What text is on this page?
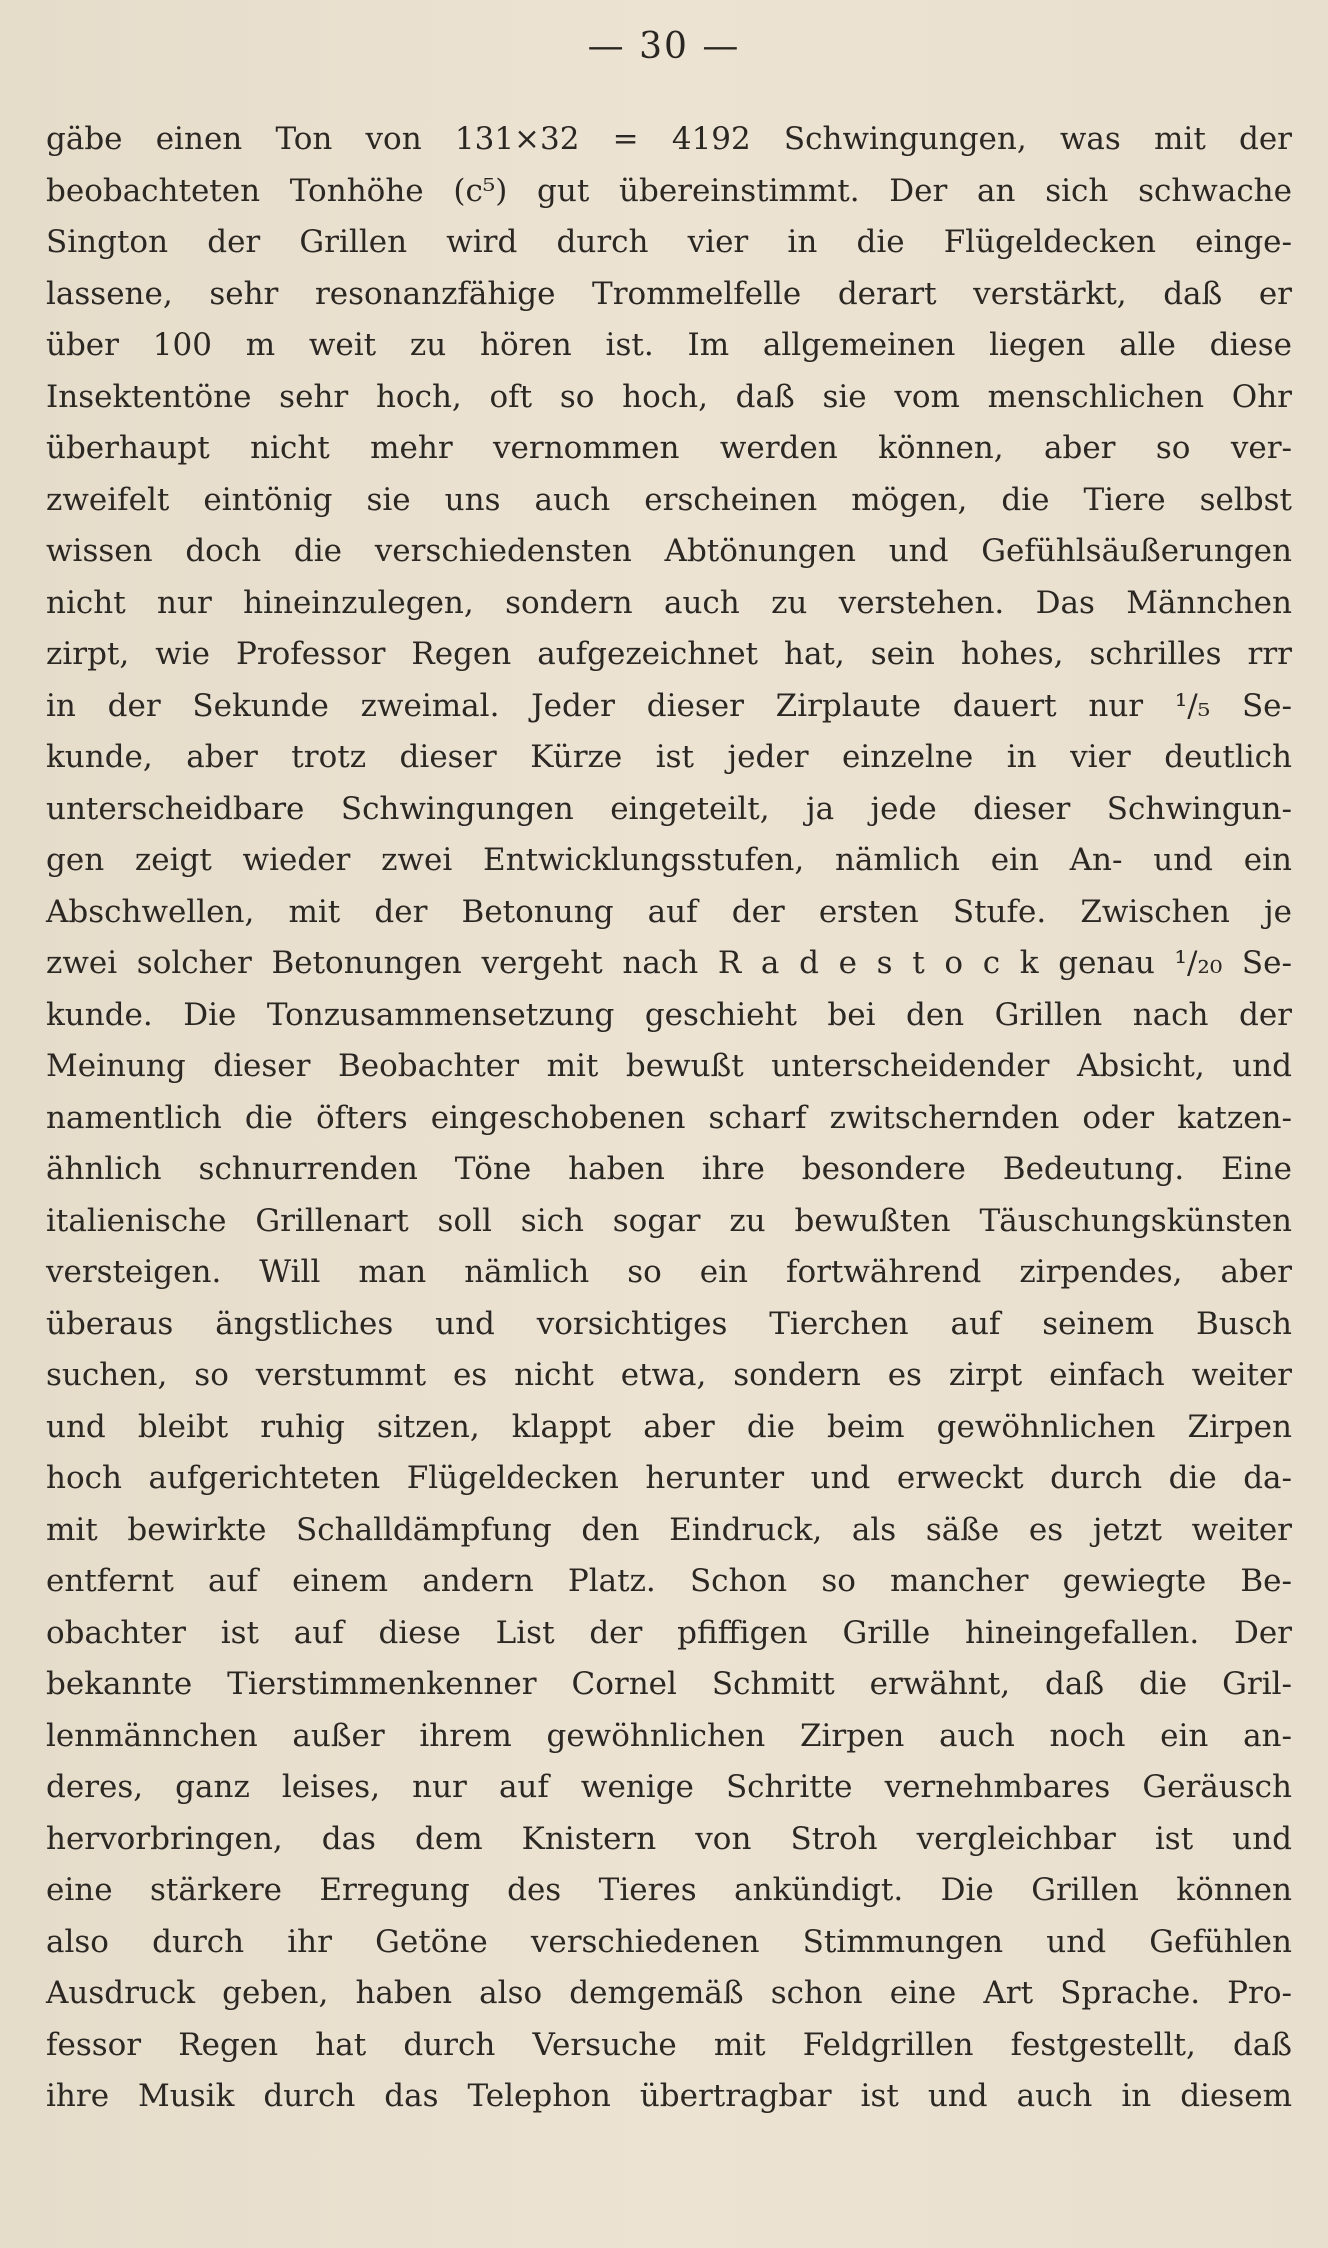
— 30 —
gäbe einen Ton von 131×32 = 4192 Schwingungen, was mit der
beobachteten Tonhöhe (c⁵) gut übereinstimmt. Der an sich schwache
Sington der Grillen wird durch vier in die Flügeldecken einge-
lassene, sehr resonanzfähige Trommelfelle derart verstärkt, daß er
über 100 m weit zu hören ist. Im allgemeinen liegen alle diese
Insektentöne sehr hoch, oft so hoch, daß sie vom menschlichen Ohr
überhaupt nicht mehr vernommen werden können, aber so ver-
zweifelt eintönig sie uns auch erscheinen mögen, die Tiere selbst
wissen doch die verschiedensten Abtönungen und Gefühlsäußerungen
nicht nur hineinzulegen, sondern auch zu verstehen. Das Männchen
zirpt, wie Professor Regen aufgezeichnet hat, sein hohes, schrilles rrr
in der Sekunde zweimal. Jeder dieser Zirplaute dauert nur ¹/₅ Se-
kunde, aber trotz dieser Kürze ist jeder einzelne in vier deutlich
unterscheidbare Schwingungen eingeteilt, ja jede dieser Schwingun-
gen zeigt wieder zwei Entwicklungsstufen, nämlich ein An- und ein
Abschwellen, mit der Betonung auf der ersten Stufe. Zwischen je
zwei solcher Betonungen vergeht nach R a d e s t o c k genau ¹/₂₀ Se-
kunde. Die Tonzusammensetzung geschieht bei den Grillen nach der
Meinung dieser Beobachter mit bewußt unterscheidender Absicht, und
namentlich die öfters eingeschobenen scharf zwitschernden oder katzen-
ähnlich schnurrenden Töne haben ihre besondere Bedeutung. Eine
italienische Grillenart soll sich sogar zu bewußten Täuschungskünsten
versteigen. Will man nämlich so ein fortwährend zirpendes, aber
überaus ängstliches und vorsichtiges Tierchen auf seinem Busch
suchen, so verstummt es nicht etwa, sondern es zirpt einfach weiter
und bleibt ruhig sitzen, klappt aber die beim gewöhnlichen Zirpen
hoch aufgerichteten Flügeldecken herunter und erweckt durch die da-
mit bewirkte Schalldämpfung den Eindruck, als säße es jetzt weiter
entfernt auf einem andern Platz. Schon so mancher gewiegte Be-
obachter ist auf diese List der pfiffigen Grille hineingefallen. Der
bekannte Tierstimmenkenner Cornel Schmitt erwähnt, daß die Gril-
lenmännchen außer ihrem gewöhnlichen Zirpen auch noch ein an-
deres, ganz leises, nur auf wenige Schritte vernehmbares Geräusch
hervorbringen, das dem Knistern von Stroh vergleichbar ist und
eine stärkere Erregung des Tieres ankündigt. Die Grillen können
also durch ihr Getöne verschiedenen Stimmungen und Gefühlen
Ausdruck geben, haben also demgemäß schon eine Art Sprache. Pro-
fessor Regen hat durch Versuche mit Feldgrillen festgestellt, daß
ihre Musik durch das Telephon übertragbar ist und auch in diesem
